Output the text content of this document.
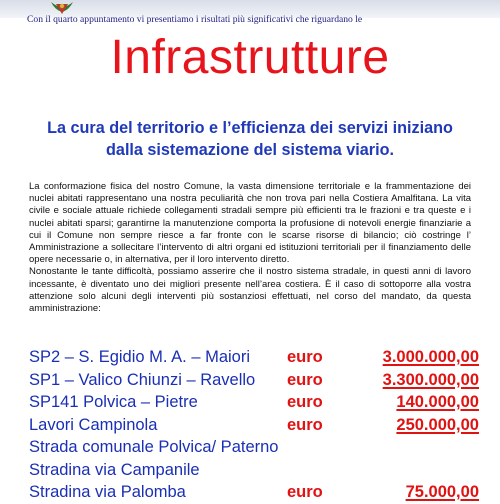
Con il quarto appuntamento vi presentiamo i risultati più significativi che riguardano le
Infrastrutture
La cura del territorio e l’efficienza dei servizi iniziano dalla sistemazione del sistema viario.

La conformazione fisica del nostro Comune, la vasta dimensione territoriale e la frammentazione dei nuclei abitati rappresentano una nostra peculiarità che non trova pari nella Costiera Amalfitana. La vita civile e sociale attuale richiede collegamenti stradali sempre più efficienti tra le frazioni e tra queste e i nuclei abitati sparsi; garantirne la manutenzione comporta la profusione di notevoli energie finanziarie a cui il Comune non sempre riesce a far fronte con le scarse risorse di bilancio; ciò costringe l’ Amministrazione a sollecitare l’intervento di altri organi ed istituzioni territoriali per il finanziamento delle opere necessarie o, in alternativa, per il loro intervento diretto.

Nonostante le tante difficoltà, possiamo asserire che il nostro sistema stradale, in questi anni di lavoro incessante, è diventato uno dei migliori presente nell’area costiera. È il caso di sottoporre alla vostra attenzione solo alcuni degli interventi più sostanziosi effettuati, nel corso del mandato, da questa amministrazione:

SP2 – S. Egidio M. A. – Maiori euro	3.000.000,00
SP1 – Valico Chiunzi – Ravello euro	3.300.000,00
SP141 Polvica – Pietre	euro	140.000,00
Lavori Campinola	euro	250.000,00
Strada comunale Polvica/ Paterno
Stradina via Campanile
Stradina via Palomba	euro	75.000,00
